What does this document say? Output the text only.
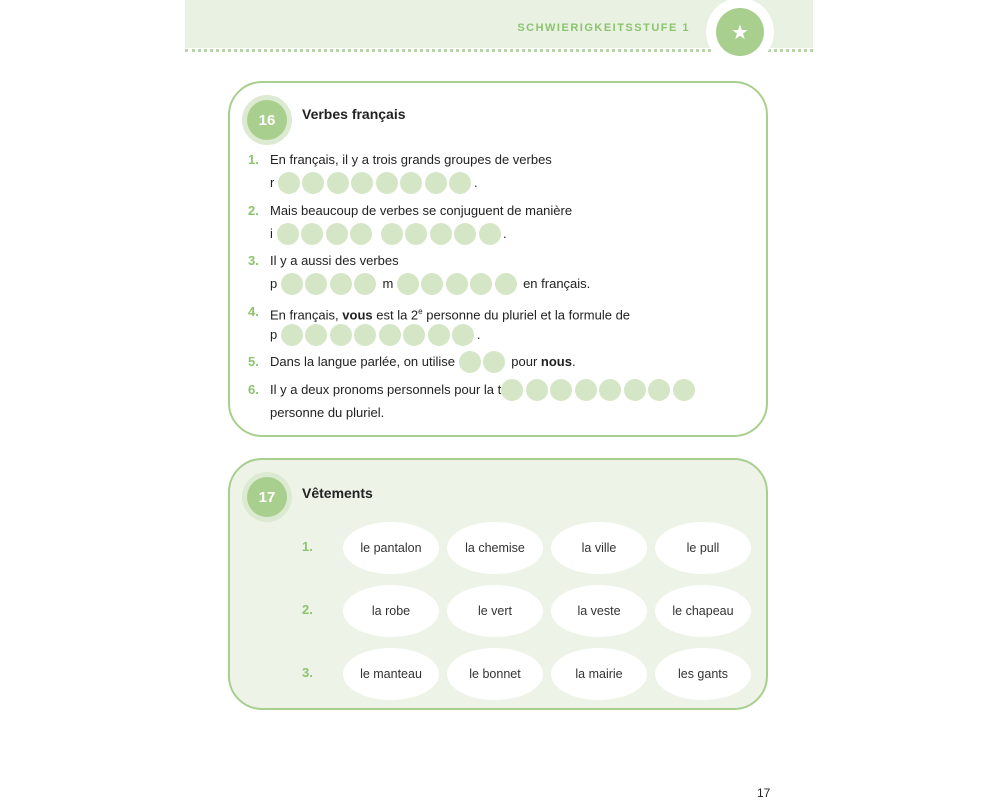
SCHWIERIGKEITSSTUFE 1	★
16	Verbes français
1. En français, il y a trois grands groupes de verbes
r
	.
2. Mais beaucoup de verbes se conjuguent de manière
i
	.
3. Il y a aussi des verbes
p

	m

	en français.
4. En français, vous est la 2e personne du pluriel et la formule de
p
	.
5. Dans la langue parlée, on utilise

	pour
nous .
6. Il y a deux pronoms personnels pour la t
personne du pluriel.
17	Vêtements
1.	le pantalon	la chemise	la ville	le pull
2.	la robe	le vert	la veste	le chapeau
3.	le manteau	le bonnet	la mairie	les gants
17
